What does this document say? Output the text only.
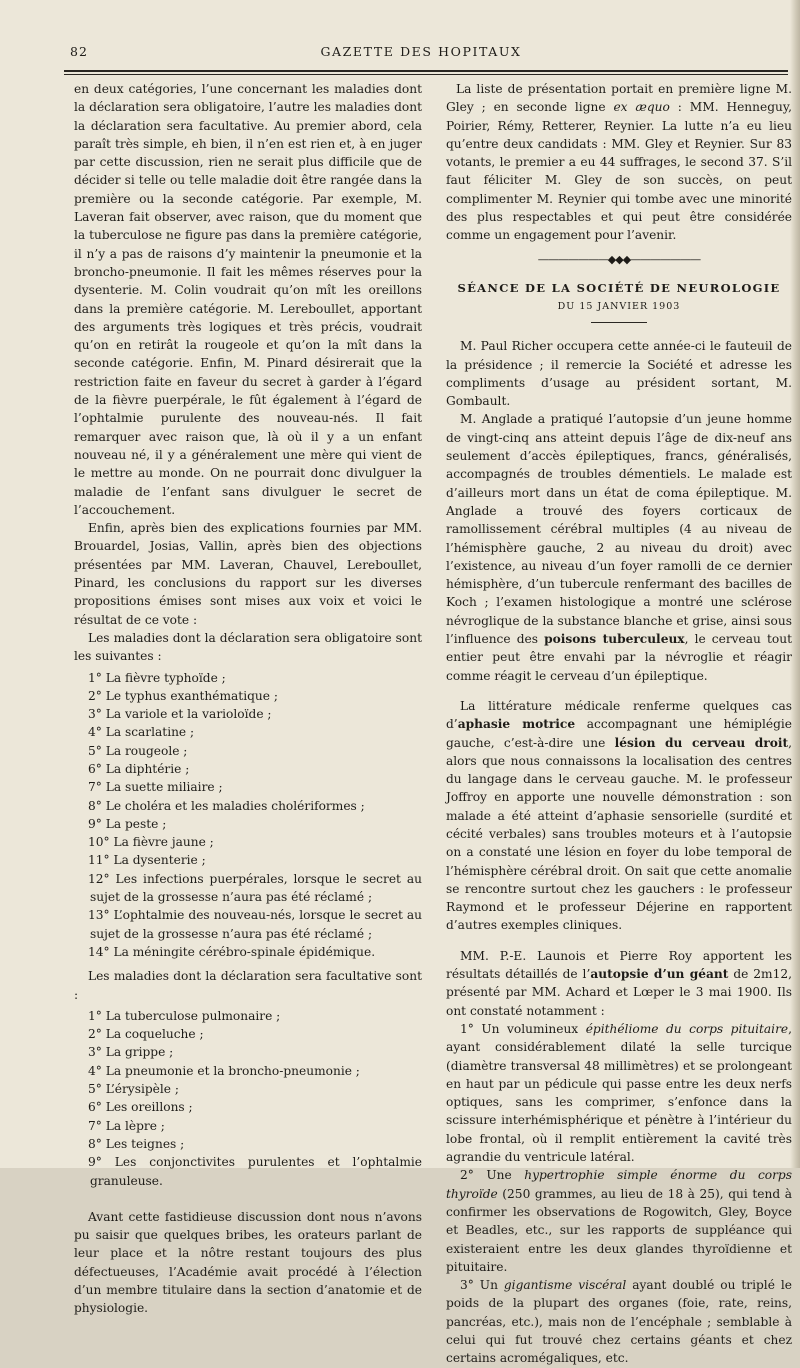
82	GAZETTE DES HOPITAUX

en deux catégories, l’une concernant les maladies dont la déclaration sera obligatoire, l’autre les maladies dont la déclaration sera facultative. Au premier abord, cela paraît très simple, eh bien, il n’en est rien et, à en juger par cette discussion, rien ne serait plus difficile que de décider si telle ou telle maladie doit être rangée dans la première ou la seconde catégorie. Par exemple, M. Laveran fait observer, avec raison, que du moment que la tuberculose ne figure pas dans la première catégorie, il n’y a pas de raisons d’y maintenir la pneumonie et la broncho-pneumonie. Il fait les mêmes réserves pour la dysenterie. M. Colin voudrait qu’on mît les oreillons dans la première catégorie. M. Lereboullet, apportant des arguments très logiques et très précis, voudrait qu’on en retirât la rougeole et qu’on la mît dans la seconde catégorie. Enfin, M. Pinard désirerait que la restriction faite en faveur du secret à garder à l’égard de la fièvre puerpérale, le fût également à l’égard de l’ophtalmie purulente des nouveau-nés. Il fait remarquer avec raison que, là où il y a un enfant nouveau né, il y a généralement une mère qui vient de le mettre au monde. On ne pourrait donc divulguer la maladie de l’enfant sans divulguer le secret de l’accouchement.

Enfin, après bien des explications fournies par MM. Brouardel, Josias, Vallin, après bien des objections présentées par MM. Laveran, Chauvel, Lereboullet, Pinard, les conclusions du rapport sur les diverses propositions émises sont mises aux voix et voici le résultat de ce vote :

Les maladies dont la déclaration sera obligatoire sont les suivantes :

1° La fièvre typhoïde ;
2° Le typhus exanthématique ;
3° La variole et la varioloïde ;
4° La scarlatine ;
5° La rougeole ;
6° La diphtérie ;
7° La suette miliaire ;
8° Le choléra et les maladies cholériformes ;
9° La peste ;
10° La fièvre jaune ;
11° La dysenterie ;
12° Les infections puerpérales, lorsque le secret au sujet de la grossesse n’aura pas été réclamé ;
13° L’ophtalmie des nouveau-nés, lorsque le secret au sujet de la grossesse n’aura pas été réclamé ;
14° La méningite cérébro-spinale épidémique.

Les maladies dont la déclaration sera facultative sont :

1° La tuberculose pulmonaire ;
2° La coqueluche ;
3° La grippe ;
4° La pneumonie et la broncho-pneumonie ;
5° L’érysipèle ;
6° Les oreillons ;
7° La lèpre ;
8° Les teignes ;
9° Les conjonctivites purulentes et l’ophtalmie granuleuse.

Avant cette fastidieuse discussion dont nous n’avons pu saisir que quelques bribes, les orateurs parlant de leur place et la nôtre restant toujours des plus défectueuses, l’Académie avait procédé à l’élection d’un membre titulaire dans la section d’anatomie et de physiologie.

La liste de présentation portait en première ligne M. Gley ; en seconde ligne ex æquo : MM. Henneguy, Poirier, Rémy, Retterer, Reynier. La lutte n’a eu lieu qu’entre deux candidats : MM. Gley et Reynier. Sur 83 votants, le premier a eu 44 suffrages, le second 37. S’il faut féliciter M. Gley de son succès, on peut complimenter M. Reynier qui tombe avec une minorité des plus respectables et qui peut être considérée comme un engagement pour l’avenir.

———————◆◆◆———————
SÉANCE DE LA SOCIÉTÉ DE NEUROLOGIE
DU 15 JANVIER 1903

M. Paul Richer occupera cette année-ci le fauteuil de la présidence ; il remercie la Société et adresse les compliments d’usage au président sortant, M. Gombault.

M. Anglade a pratiqué l’autopsie d’un jeune homme de vingt-cinq ans atteint depuis l’âge de dix-neuf ans seulement d’accès épileptiques, francs, généralisés, accompagnés de troubles démentiels. Le malade est d’ailleurs mort dans un état de coma épileptique. M. Anglade a trouvé des foyers corticaux de ramollissement cérébral multiples (4 au niveau de l’hémisphère gauche, 2 au niveau du droit) avec l’existence, au niveau d’un foyer ramolli de ce dernier hémisphère, d’un tubercule renfermant des bacilles de Koch ; l’examen histologique a montré une sclérose névroglique de la substance blanche et grise, ainsi sous l’influence des poisons tuberculeux, le cerveau tout entier peut être envahi par la névroglie et réagir comme réagit le cerveau d’un épileptique.

La littérature médicale renferme quelques cas d’aphasie motrice accompagnant une hémiplégie gauche, c’est-à-dire une lésion du cerveau droit, alors que nous connaissons la localisation des centres du langage dans le cerveau gauche. M. le professeur Joffroy en apporte une nouvelle démonstration : son malade a été atteint d’aphasie sensorielle (surdité et cécité verbales) sans troubles moteurs et à l’autopsie on a constaté une lésion en foyer du lobe temporal de l’hémisphère cérébral droit. On sait que cette anomalie se rencontre surtout chez les gauchers : le professeur Raymond et le professeur Déjerine en rapportent d’autres exemples cliniques.

MM. P.-E. Launois et Pierre Roy apportent les résultats détaillés de l’autopsie d’un géant de 2m12, présenté par MM. Achard et Lœper le 3 mai 1900. Ils ont constaté notamment :

1° Un volumineux épithéliome du corps pituitaire, ayant considérablement dilaté la selle turcique (diamètre transversal 48 millimètres) et se prolongeant en haut par un pédicule qui passe entre les deux nerfs optiques, sans les comprimer, s’enfonce dans la scissure interhémisphérique et pénètre à l’intérieur du lobe frontal, où il remplit entièrement la cavité très agrandie du ventricule latéral.

2° Une hypertrophie simple énorme du corps thyroïde (250 grammes, au lieu de 18 à 25), qui tend à confirmer les observations de Rogowitch, Gley, Boyce et Beadles, etc., sur les rapports de suppléance qui existeraient entre les deux glandes thyroïdienne et pituitaire.

3° Un gigantisme viscéral ayant doublé ou triplé le poids de la plupart des organes (foie, rate, reins, pancréas, etc.), mais non de l’encéphale ; semblable à celui qui fut trouvé chez certains géants et chez certains acromégaliques, etc.
